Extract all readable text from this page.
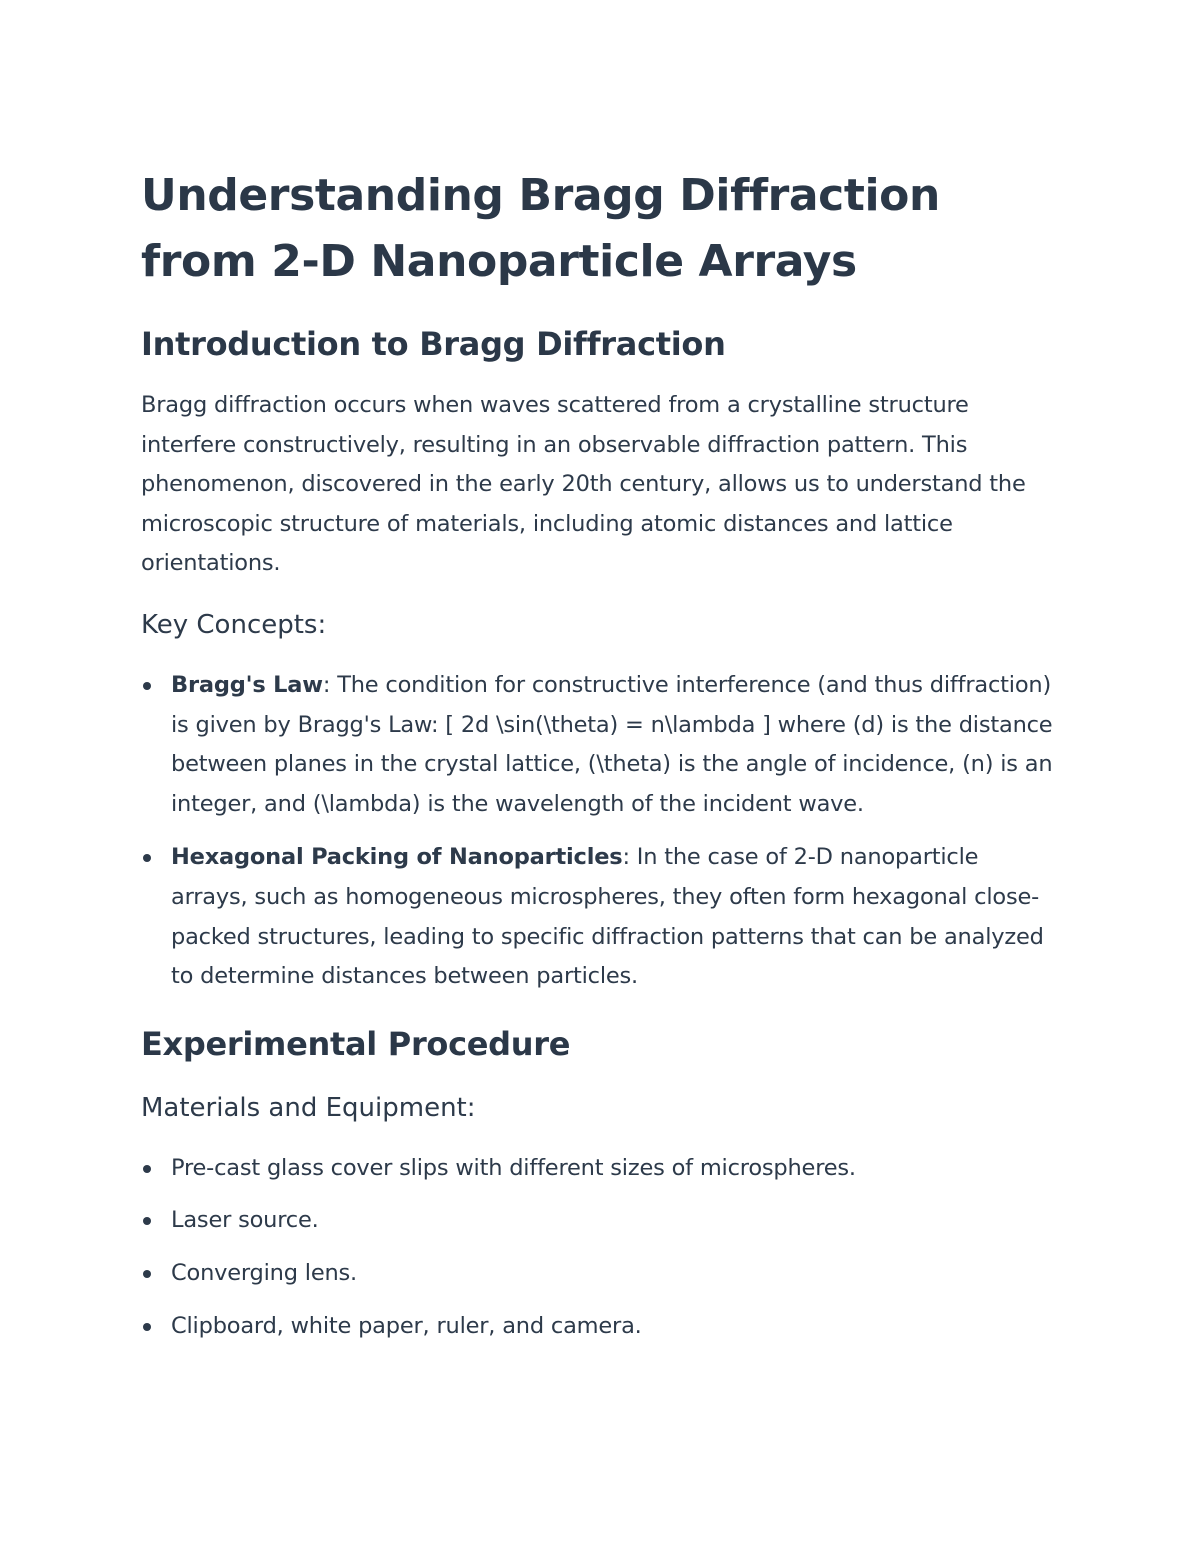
Understanding Bragg Diffraction from 2-D Nanoparticle Arrays
Introduction to Bragg Diffraction

Bragg diffraction occurs when waves scattered from a crystalline structure interfere constructively, resulting in an observable diffraction pattern. This phenomenon, discovered in the early 20th century, allows us to understand the microscopic structure of materials, including atomic distances and lattice orientations.

Key Concepts:
Bragg's Law: The condition for constructive interference (and thus diffraction) is given by Bragg's Law: [ 2d \sin(\theta) = n\lambda ] where (d) is the distance between planes in the crystal lattice, (\theta) is the angle of incidence, (n) is an integer, and (\lambda) is the wavelength of the incident wave.
Hexagonal Packing of Nanoparticles: In the case of 2-D nanoparticle arrays, such as homogeneous microspheres, they often form hexagonal close-packed structures, leading to specific diffraction patterns that can be analyzed to determine distances between particles.
Experimental Procedure
Materials and Equipment:
Pre-cast glass cover slips with different sizes of microspheres.
Laser source.
Converging lens.
Clipboard, white paper, ruler, and camera.
